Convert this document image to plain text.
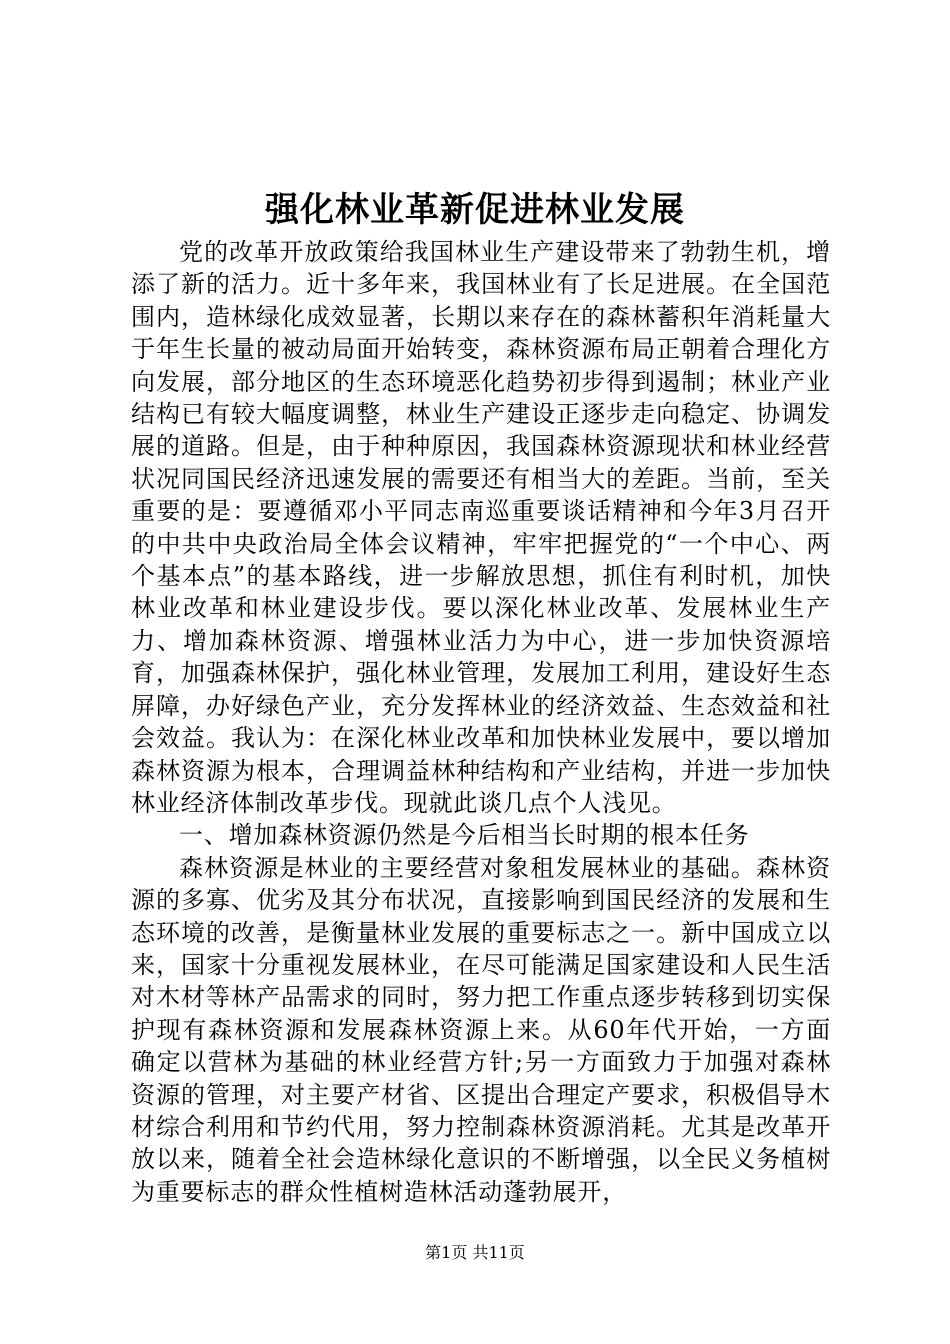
强化林业革新促进林业发展

党的改革开放政策给我国林业生产建设带来了勃勃生机，增添了新的活力。近十多年来，我国林业有了长足进展。在全国范围内，造林绿化成效显著，长期以来存在的森林蓄积年消耗量大于年生长量的被动局面开始转变，森林资源布局正朝着合理化方向发展，部分地区的生态环境恶化趋势初步得到遏制；林业产业结构已有较大幅度调整，林业生产建设正逐步走向稳定、协调发展的道路。但是，由于种种原因，我国森林资源现状和林业经营状况同国民经济迅速发展的需要还有相当大的差距。当前，至关重要的是：要遵循邓小平同志南巡重要谈话精神和今年3月召开的中共中央政治局全体会议精神，牢牢把握党的“一个中心、两个基本点”的基本路线，进一步解放思想，抓住有利时机，加快林业改革和林业建设步伐。要以深化林业改革、发展林业生产力、增加森林资源、增强林业活力为中心，进一步加快资源培育，加强森林保护，强化林业管理，发展加工利用，建设好生态屏障，办好绿色产业，充分发挥林业的经济效益、生态效益和社会效益。我认为：在深化林业改革和加快林业发展中，要以增加森林资源为根本，合理调益林种结构和产业结构，并进一步加快林业经济体制改革步伐。现就此谈几点个人浅见。

一、增加森林资源仍然是今后相当长时期的根本任务

森林资源是林业的主要经营对象租发展林业的基础。森林资源的多寡、优劣及其分布状况，直接影响到国民经济的发展和生态环境的改善，是衡量林业发展的重要标志之一。新中国成立以来，国家十分重视发展林业，在尽可能满足国家建设和人民生活对木材等林产品需求的同时，努力把工作重点逐步转移到切实保护现有森林资源和发展森林资源上来。从60年代开始，一方面确定以营林为基础的林业经营方针;另一方面致力于加强对森林资源的管理，对主要产材省、区提出合理定产要求，积极倡导木材综合利用和节约代用，努力控制森林资源消耗。尤其是改革开放以来，随着全社会造林绿化意识的不断增强，以全民义务植树为重要标志的群众性植树造林活动蓬勃展开，

第1页 共11页
